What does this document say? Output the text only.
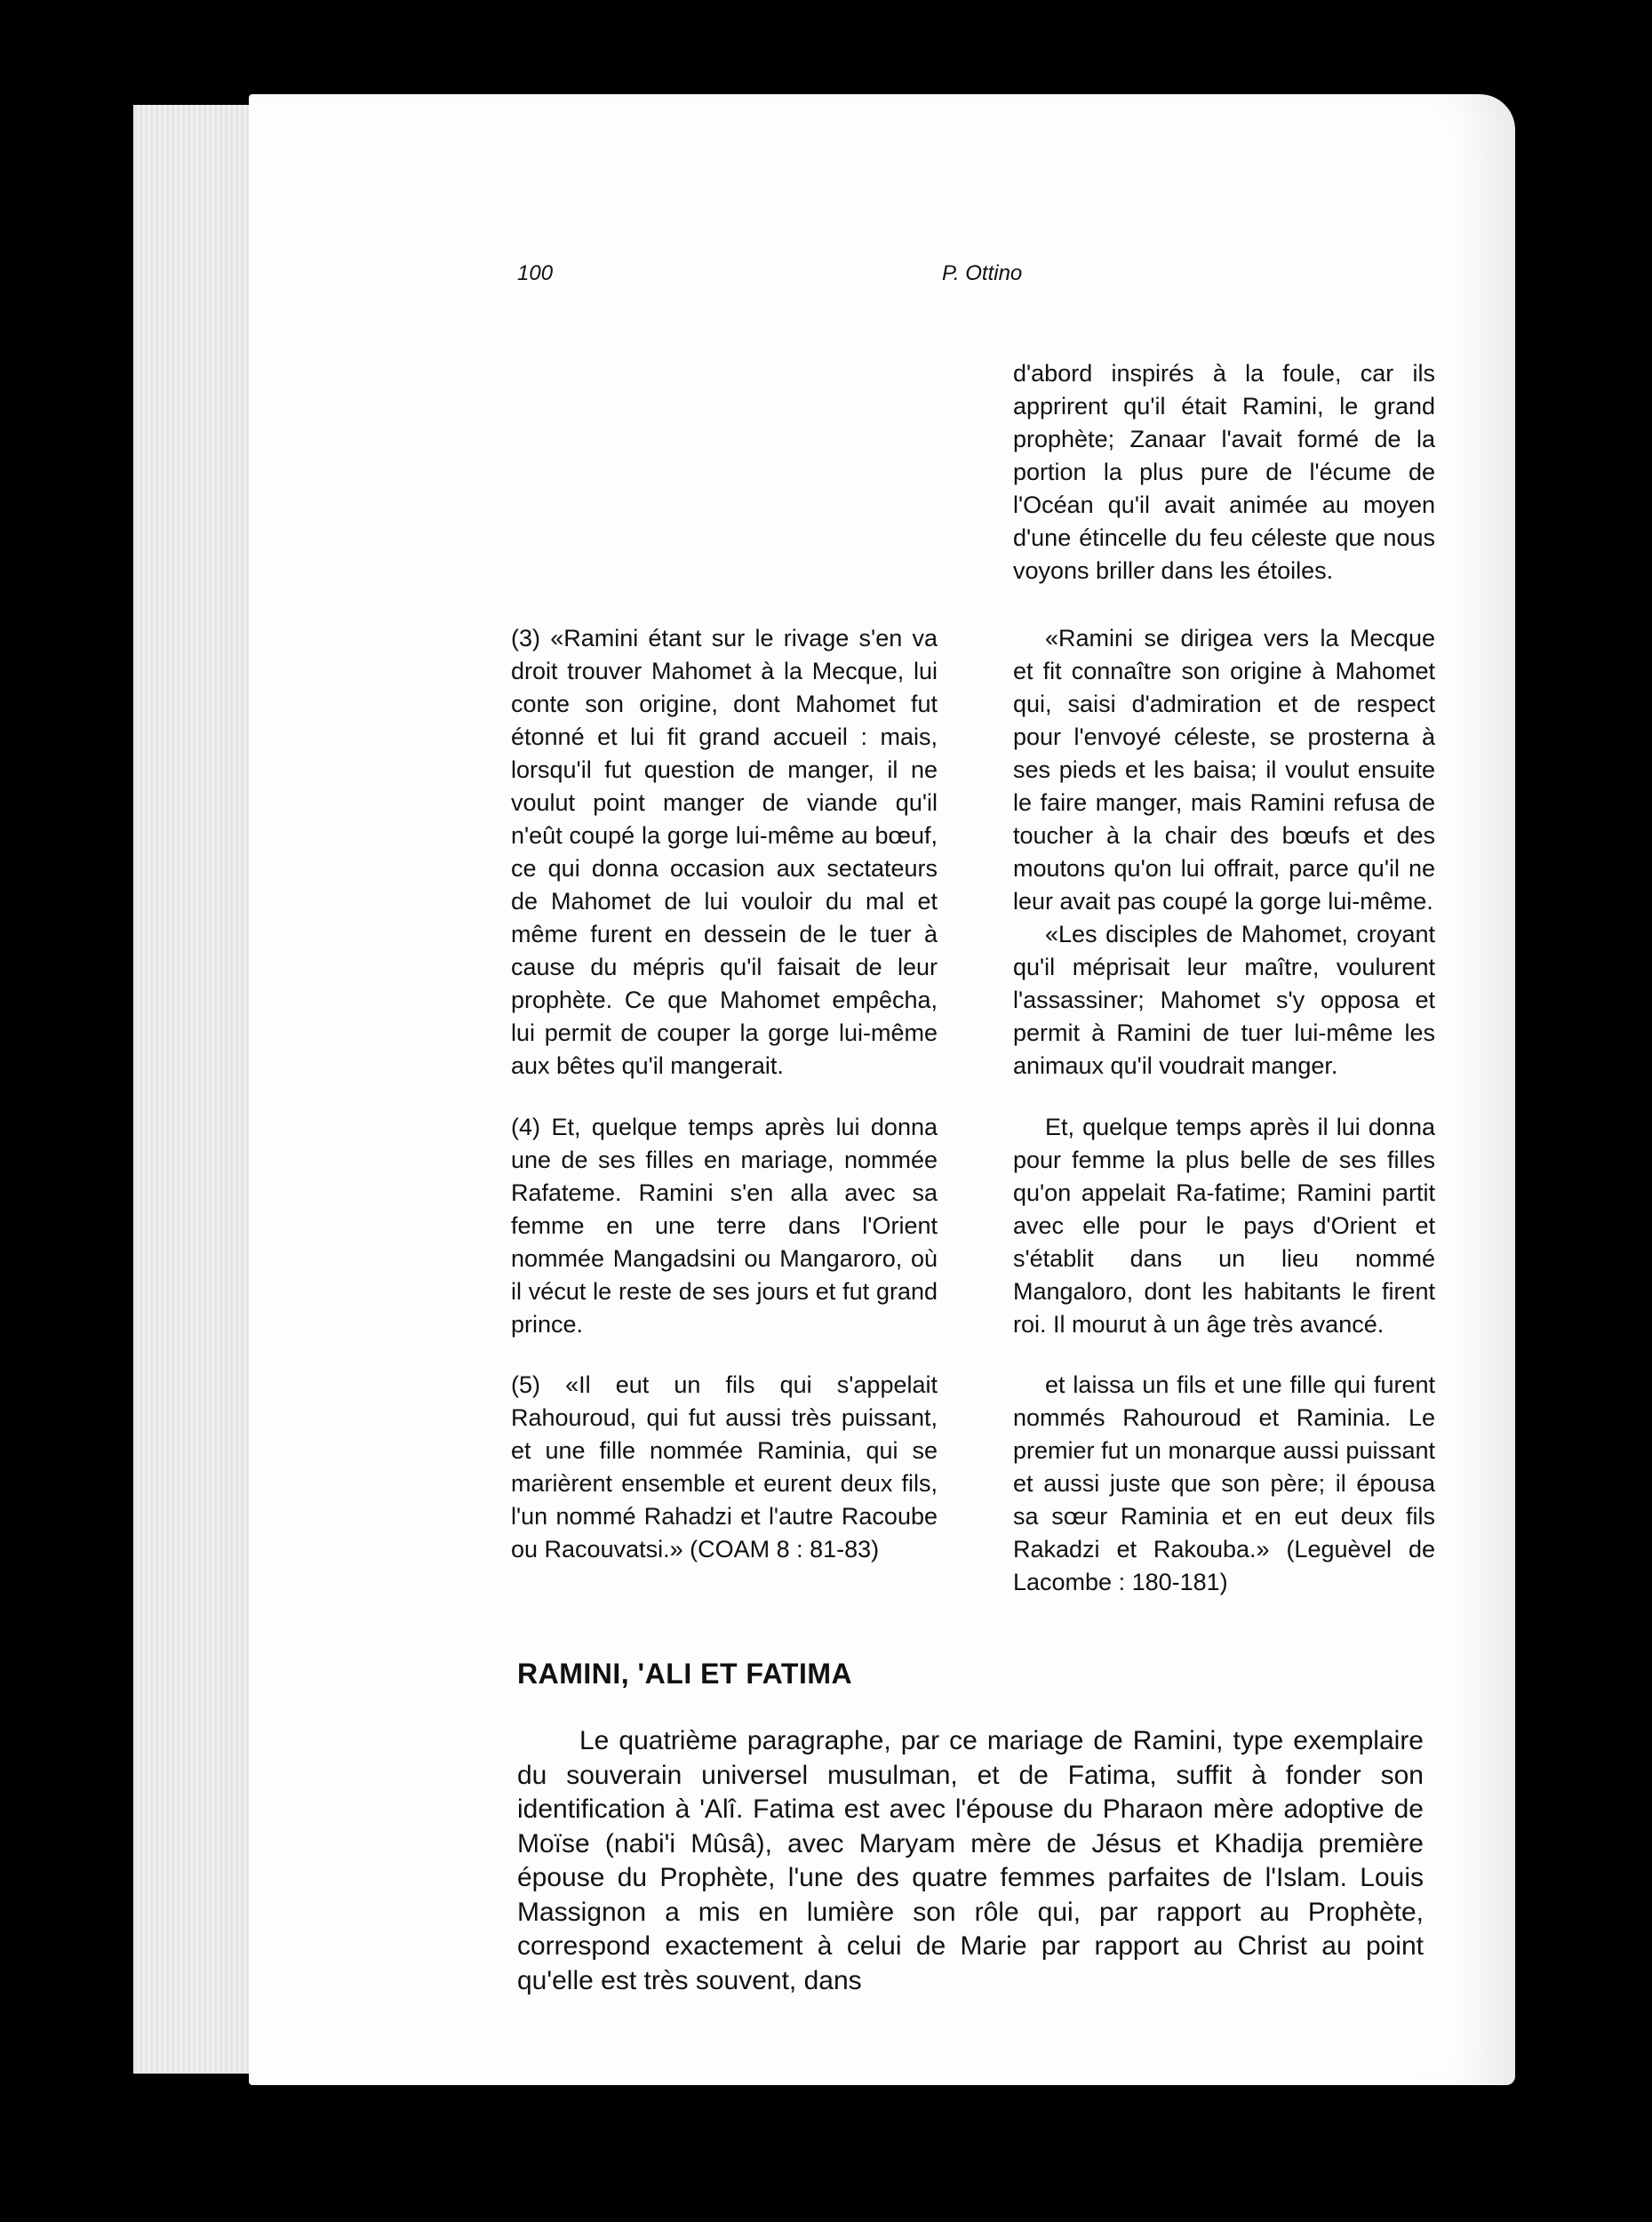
100	P. Ottino

(3) «Ramini étant sur le rivage s'en va droit trouver Mahomet à la Mecque, lui conte son origine, dont Mahomet fut étonné et lui fit grand accueil : mais, lorsqu'il fut question de manger, il ne voulut point manger de viande qu'il n'eût coupé la gorge lui-même au bœuf, ce qui donna occasion aux sectateurs de Mahomet de lui vouloir du mal et même furent en dessein de le tuer à cause du mépris qu'il faisait de leur prophète. Ce que Mahomet empêcha, lui permit de couper la gorge lui-même aux bêtes qu'il mangerait.

(4) Et, quelque temps après lui donna une de ses filles en mariage, nommée Rafateme. Ramini s'en alla avec sa femme en une terre dans l'Orient nommée Mangadsini ou Mangaroro, où il vécut le reste de ses jours et fut grand prince.

(5) «Il eut un fils qui s'appelait Rahouroud, qui fut aussi très puissant, et une fille nommée Raminia, qui se marièrent ensemble et eurent deux fils, l'un nommé Rahadzi et l'autre Racoube ou Racouvatsi.» (COAM 8 : 81-83)

d'abord inspirés à la foule, car ils apprirent qu'il était Ramini, le grand prophète; Zanaar l'avait formé de la portion la plus pure de l'écume de l'Océan qu'il avait animée au moyen d'une étincelle du feu céleste que nous voyons briller dans les étoiles.

«Ramini se dirigea vers la Mecque et fit connaître son origine à Mahomet qui, saisi d'admiration et de respect pour l'envoyé céleste, se prosterna à ses pieds et les baisa; il voulut ensuite le faire manger, mais Ramini refusa de toucher à la chair des bœufs et des moutons qu'on lui offrait, parce qu'il ne leur avait pas coupé la gorge lui-même.

«Les disciples de Mahomet, croyant qu'il méprisait leur maître, voulurent l'assassiner; Mahomet s'y opposa et permit à Ramini de tuer lui-même les animaux qu'il voudrait manger.

Et, quelque temps après il lui donna pour femme la plus belle de ses filles qu'on appelait Ra-fatime; Ramini partit avec elle pour le pays d'Orient et s'établit dans un lieu nommé Mangaloro, dont les habitants le firent roi. Il mourut à un âge très avancé.

et laissa un fils et une fille qui furent nommés Rahouroud et Raminia. Le premier fut un monarque aussi puissant et aussi juste que son père; il épousa sa sœur Raminia et en eut deux fils Rakadzi et Rakouba.» (Leguèvel de Lacombe : 180-181)

RAMINI, 'ALI ET FATIMA

Le quatrième paragraphe, par ce mariage de Ramini, type exemplaire du souverain universel musulman, et de Fatima, suffit à fonder son identification à 'Alî. Fatima est avec l'épouse du Pharaon mère adoptive de Moïse (nabi'i Mûsâ), avec Maryam mère de Jésus et Khadija première épouse du Prophète, l'une des quatre femmes parfaites de l'Islam. Louis Massignon a mis en lumière son rôle qui, par rapport au Prophète, correspond exactement à celui de Marie par rapport au Christ au point qu'elle est très souvent, dans
